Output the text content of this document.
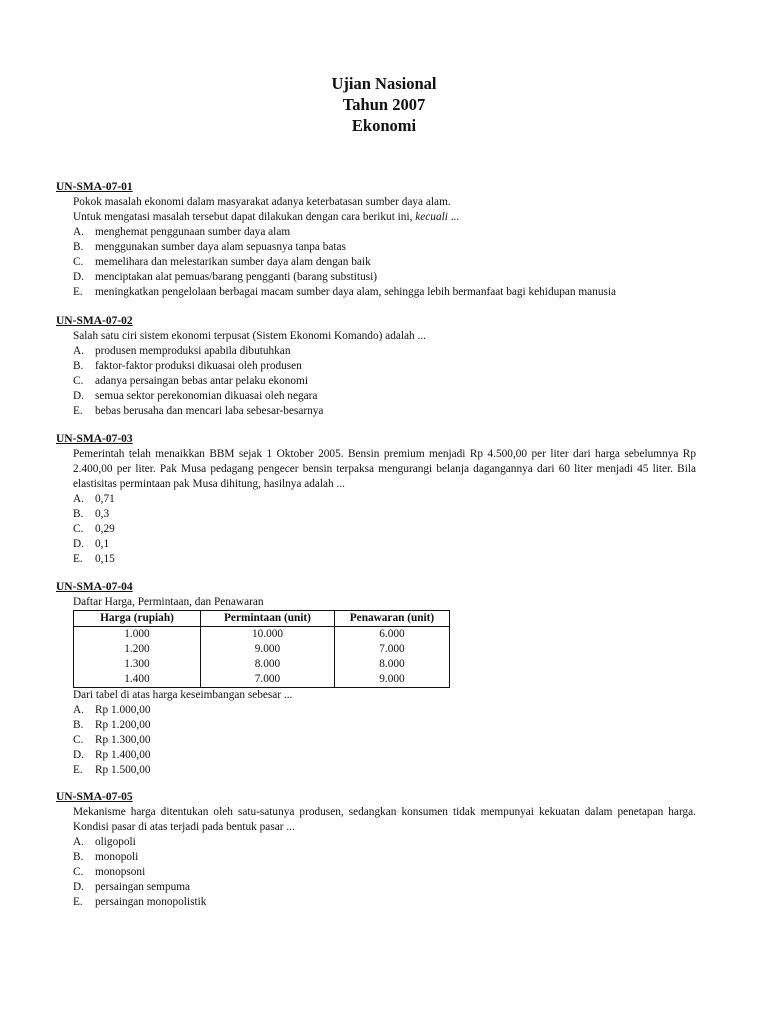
Ujian Nasional
Tahun 2007
Ekonomi
UN-SMA-07-01
Pokok masalah ekonomi dalam masyarakat adanya keterbatasan sumber daya alam.
Untuk mengatasi masalah tersebut dapat dilakukan dengan cara berikut ini, kecuali ...
A. menghemat penggunaan sumber daya alam
B.	menggunakan sumber daya alam sepuasnya tanpa batas
C.	memelihara dan melestarikan sumber daya alam dengan baik
D. menciptakan alat pemuas/barang pengganti (barang substitusi)
E.	meningkatkan pengelolaan berbagai macam sumber daya alam, sehingga lebih bermanfaat bagi kehidupan manusia
UN-SMA-07-02
Salah satu ciri sistem ekonomi terpusat (Sistem Ekonomi Komando) adalah ...
A. produsen memproduksi apabila dibutuhkan
B.	faktor-faktor produksi dikuasai oleh produsen
C.	adanya persaingan bebas antar pelaku ekonomi
D. semua sektor perekonomian dikuasai oleh negara
E.	bebas berusaha dan mencari laba sebesar-besarnya
UN-SMA-07-03
Pemerintah telah menaikkan BBM sejak 1 Oktober 2005. Bensin premium menjadi Rp 4.500,00 per liter dari harga sebelumnya Rp 2.400,00 per liter. Pak Musa pedagang pengecer bensin terpaksa mengurangi belanja dagangannya dari 60 liter menjadi 45 liter. Bila elastisitas permintaan pak Musa dihitung, hasilnya adalah ...
A. 0,71
B.	0,3
C.	0,29
D. 0,1
E.	0,15
UN-SMA-07-04
Daftar Harga, Permintaan, dan Penawaran
Harga (rupiah)	Permintaan (unit)	Penawaran (unit)
1.000	10.000	6.000
1.200	9.000	7.000
1.300	8.000	8.000
1.400	7.000	9.000
Dari tabel di atas harga keseimbangan sebesar ...
A. Rp 1.000,00
B.	Rp 1.200,00
C.	Rp 1.300,00
D. Rp 1.400,00
E.	Rp 1.500,00
UN-SMA-07-05
Mekanisme harga ditentukan oleh satu-satunya produsen, sedangkan konsumen tidak mempunyai kekuatan dalam penetapan harga. Kondisi pasar di atas terjadi pada bentuk pasar ...
A. oligopoli
B.	monopoli
C.	monopsoni
D. persaingan sempuma
E.	persaingan monopolistik
